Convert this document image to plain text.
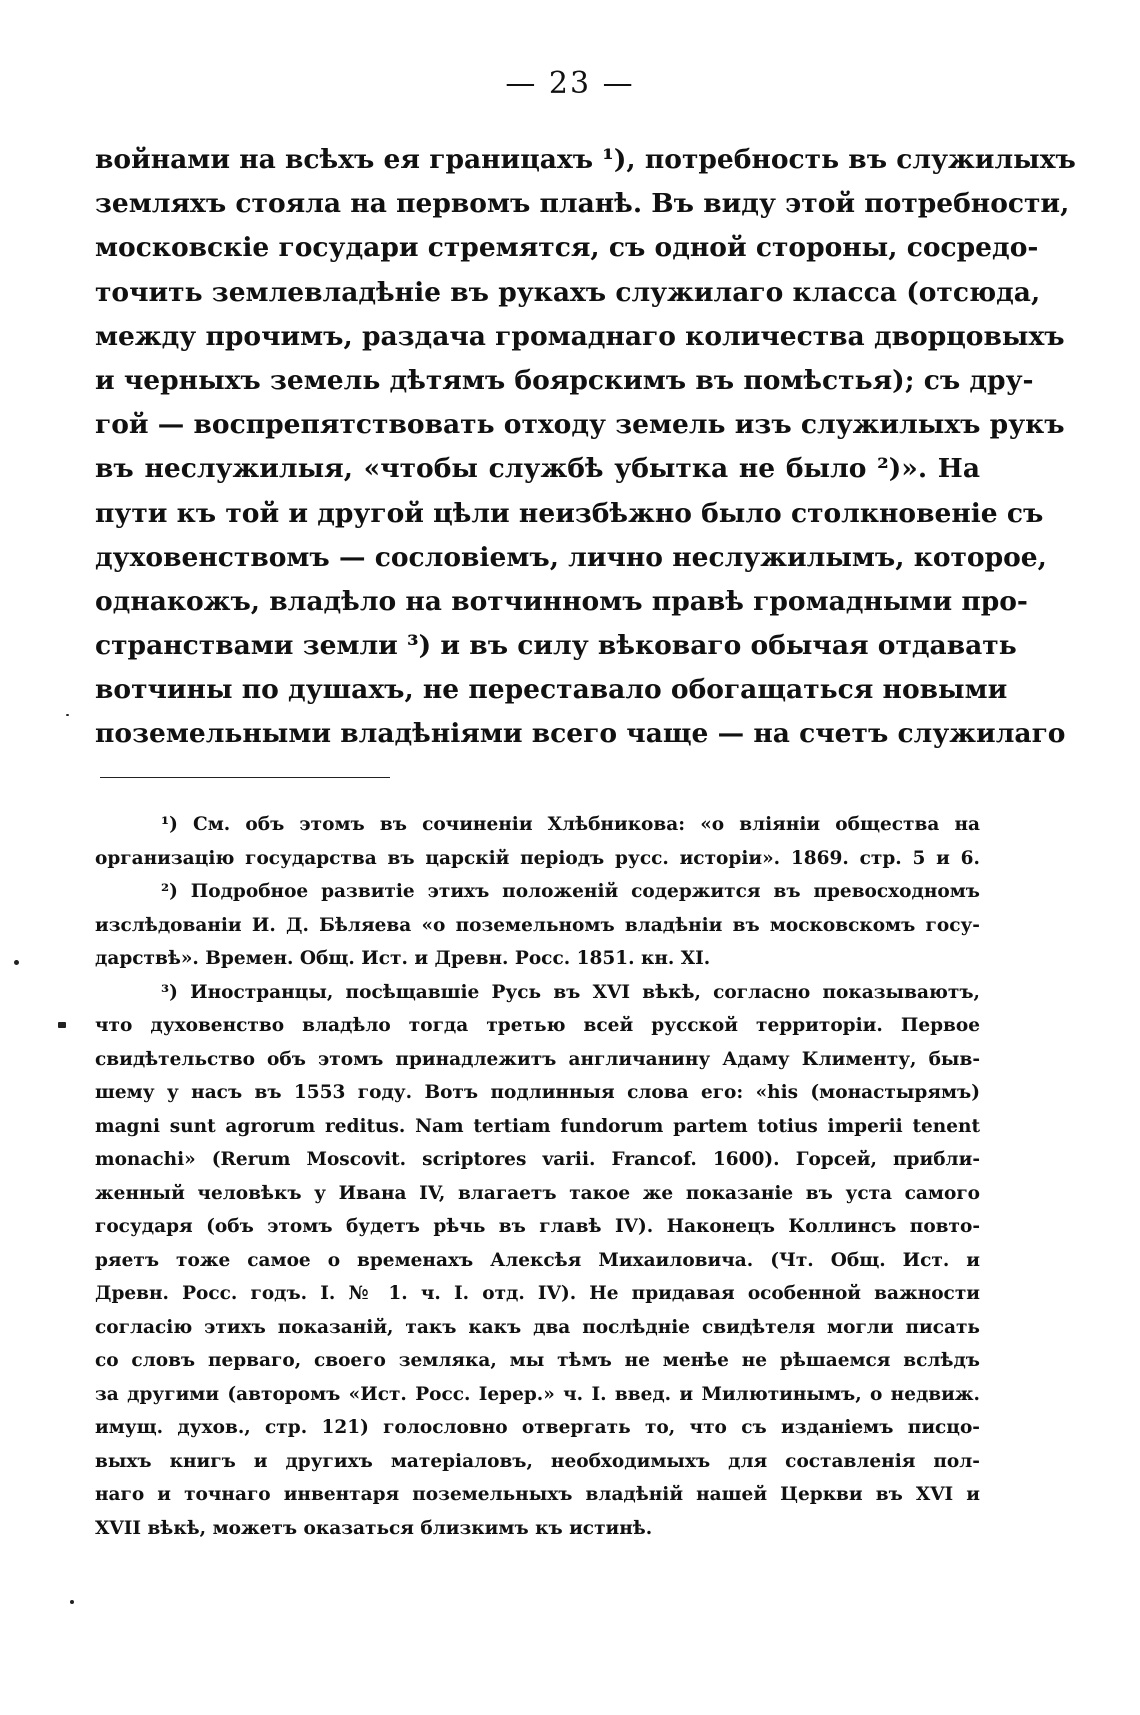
— 23 —
войнами на всѣхъ ея границахъ ¹), потребность въ служилыхъ
земляхъ стояла на первомъ планѣ. Въ виду этой потребности,
московскіе государи стремятся, съ одной стороны, сосредо-
точить землевладѣніе въ рукахъ служилаго класса (отсюда,
между прочимъ, раздача громаднаго количества дворцовыхъ
и черныхъ земель дѣтямъ боярскимъ въ помѣстья); съ дру-
гой — воспрепятствовать отходу земель изъ служилыхъ рукъ
въ неслужилыя, «чтобы службѣ убытка не было ²)». На
пути къ той и другой цѣли неизбѣжно было столкновеніе съ
духовенствомъ — сословіемъ, лично неслужилымъ, которое,
однакожъ, владѣло на вотчинномъ правѣ громадными про-
странствами земли ³) и въ силу вѣковаго обычая отдавать
вотчины по душахъ, не переставало обогащаться новыми
поземельными владѣніями всего чаще — на счетъ служилаго
¹) См. объ этомъ въ сочиненіи Хлѣбникова: «о вліяніи общества на
организацію государства въ царскій періодъ русс. исторіи». 1869. стр. 5 и 6.
²) Подробное развитіе этихъ положеній содержится въ превосходномъ
изслѣдованіи И. Д. Бѣляева «о поземельномъ владѣніи въ московскомъ госу-
дарствѣ». Времен. Общ. Ист. и Древн. Росс. 1851. кн. XI.
³) Иностранцы, посѣщавшіе Русь въ XVI вѣкѣ, согласно показываютъ,
что духовенство владѣло тогда третью всей русской территоріи. Первое
свидѣтельство объ этомъ принадлежитъ англичанину Адаму Клименту, быв-
шему у насъ въ 1553 году. Вотъ подлинныя слова его: «his (монастырямъ)
magni sunt agrorum reditus. Nam tertiam fundorum partem totius imperii tenent
monachi» (Rerum Moscovit. scriptores varii. Francof. 1600). Горсей, прибли-
женный человѣкъ у Ивана IV, влагаетъ такое же показаніе въ уста самого
государя (объ этомъ будетъ рѣчь въ главѣ IV). Наконецъ Коллинсъ повто-
ряетъ тоже самое о временахъ Алексѣя Михаиловича. (Чт. Общ. Ист. и
Древн. Росс. годъ. I. № 1. ч. I. отд. IV). Не придавая особенной важности
согласію этихъ показаній, такъ какъ два послѣдніе свидѣтеля могли писать
со словъ перваго, своего земляка, мы тѣмъ не менѣе не рѣшаемся вслѣдъ
за другими (авторомъ «Ист. Росс. Iерер.» ч. I. введ. и Милютинымъ, о недвиж.
имущ. духов., стр. 121) голословно отвергать то, что съ изданіемъ писцо-
выхъ книгъ и другихъ матеріаловъ, необходимыхъ для составленія пол-
наго и точнаго инвентаря поземельныхъ владѣній нашей Церкви въ XVI и
XVII вѣкѣ, можетъ оказаться близкимъ къ истинѣ.
